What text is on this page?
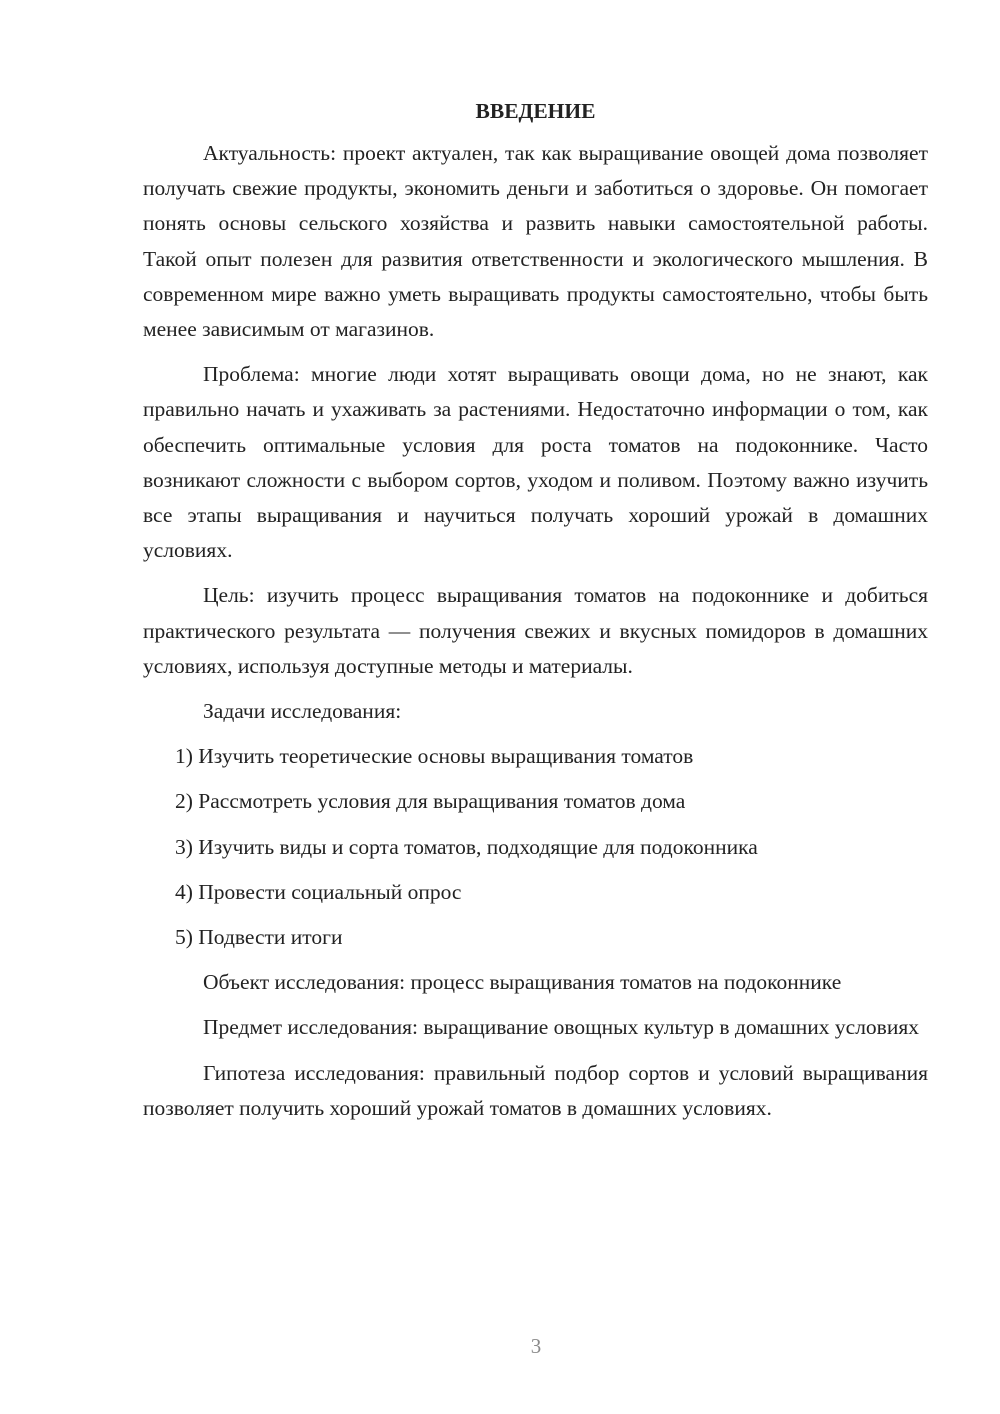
ВВЕДЕНИЕ

Актуальность: проект актуален, так как выращивание овощей дома позволяет получать свежие продукты, экономить деньги и заботиться о здоровье. Он помогает понять основы сельского хозяйства и развить навыки самостоятельной работы. Такой опыт полезен для развития ответственности и экологического мышления. В современном мире важно уметь выращивать продукты самостоятельно, чтобы быть менее зависимым от магазинов.

Проблема: многие люди хотят выращивать овощи дома, но не знают, как правильно начать и ухаживать за растениями. Недостаточно информации о том, как обеспечить оптимальные условия для роста томатов на подоконнике. Часто возникают сложности с выбором сортов, уходом и поливом. Поэтому важно изучить все этапы выращивания и научиться получать хороший урожай в домашних условиях.

Цель: изучить процесс выращивания томатов на подоконнике и добиться практического результата — получения свежих и вкусных помидоров в домашних условиях, используя доступные методы и материалы.

Задачи исследования:
1) Изучить теоретические основы выращивания томатов
2) Рассмотреть условия для выращивания томатов дома
3) Изучить виды и сорта томатов, подходящие для подоконника
4) Провести социальный опрос
5) Подвести итоги

Объект исследования: процесс выращивания томатов на подоконнике

Предмет исследования: выращивание овощных культур в домашних условиях

Гипотеза исследования: правильный подбор сортов и условий выращивания позволяет получить хороший урожай томатов в домашних условиях.

3
